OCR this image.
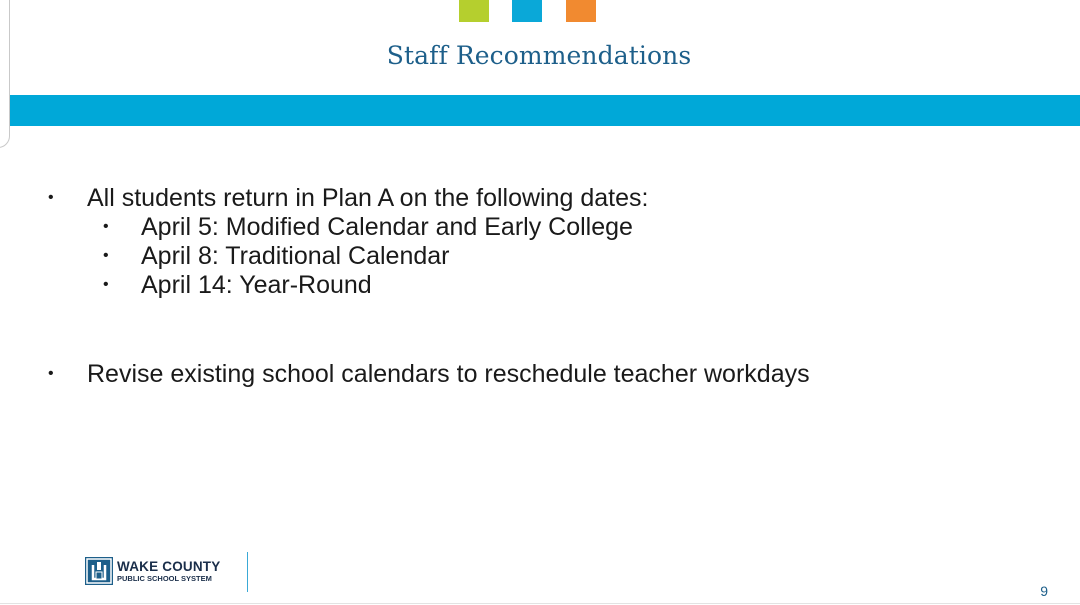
Staff Recommendations
• All students return in Plan A on the following dates:
• April 5: Modified Calendar and Early College
• April 8: Traditional Calendar
• April 14: Year-Round
• Revise existing school calendars to reschedule teacher workdays
WAKE COUNTY
PUBLIC SCHOOL SYSTEM
9
